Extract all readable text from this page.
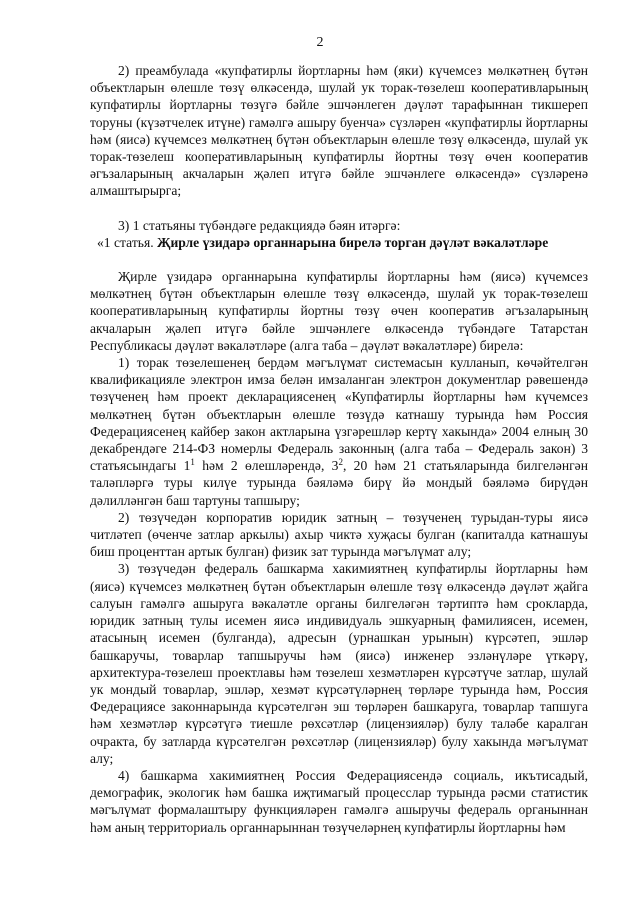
2

2) преамбулада «купфатирлы йортларны һәм (яки) күчемсез мөлкәтнең бүтән объектларын өлешле төзү өлкәсендә, шулай ук торак-төзелеш кооперативларының купфатирлы йортларны төзүгә бәйле эшчәнлеген дәүләт тарафыннан тикшереп торуны (күзәтчелек итүне) гамәлгә ашыру буенча» сүзләрен «купфатирлы йортларны һәм (яисә) күчемсез мөлкәтнең бүтән объектларын өлешле төзү өлкәсендә, шулай ук торак-төзелеш кооперативларының купфатирлы йортны төзү өчен кооператив әгъзаларының акчаларын җәлеп итүгә бәйле эшчәнлеге өлкәсендә» сүзләренә алмаштырырга;

3) 1 статьяны түбәндәге редакциядә бәян итәргә:

«1 статья. Җирле үзидарә органнарына бирелә торган дәүләт вәкаләтләре

Җирле үзидарә органнарына купфатирлы йортларны һәм (яисә) күчемсез мөлкәтнең бүтән объектларын өлешле төзү өлкәсендә, шулай ук торак-төзелеш кооперативларының купфатирлы йортны төзү өчен кооператив әгъзаларының акчаларын җәлеп итүгә бәйле эшчәнлеге өлкәсендә түбәндәге Татарстан Республикасы дәүләт вәкаләтләре (алга таба – дәүләт вәкаләтләре) бирелә:

1) торак төзелешенең бердәм мәгълүмат системасын кулланып, көчәйтелгән квалификацияле электрон имза белән имзаланган электрон документлар рәвешендә төзүченең һәм проект декларациясенең «Купфатирлы йортларны һәм күчемсез мөлкәтнең бүтән объектларын өлешле төзүдә катнашу турында һәм Россия Федерациясенең кайбер закон актларына үзгәрешләр кертү хакында» 2004 елның 30 декабрендәге 214-ФЗ номерлы Федераль законның (алга таба – Федераль закон) 3 статьясындагы $1^1$ һәм 2 өлешләрендә, $3^2$, 20 һәм 21 статьяларында билгеләнгән таләпләргә туры килүе турында бәяләмә бирү йә мондый бәяләмә бирүдән дәлилләнгән баш тартуны тапшыру;

2) төзүчедән корпоратив юридик затның – төзүченең турыдан-туры яисә читләтеп (өченче затлар аркылы) ахыр чиктә хуҗасы булган (капиталда катнашуы биш проценттан артык булган) физик зат турында мәгълүмат алу;

3) төзүчедән федераль башкарма хакимиятнең купфатирлы йортларны һәм (яисә) күчемсез мөлкәтнең бүтән объектларын өлешле төзү өлкәсендә дәүләт җайга салуын гамәлгә ашыруга вәкаләтле органы билгеләгән тәртиптә һәм срокларда, юридик затның тулы исемен яисә индивидуаль эшкуарның фамилиясен, исемен, атасының исемен (булганда), адресын (урнашкан урынын) күрсәтеп, эшләр башкаручы, товарлар тапшыручы һәм (яисә) инженер эзләнүләре үткәрү, архитектура-төзелеш проектлавы һәм төзелеш хезмәтләрен күрсәтүче затлар, шулай ук мондый товарлар, эшләр, хезмәт күрсәтүләрнең төрләре турында һәм, Россия Федерациясе законнарында күрсәтелгән эш төрләрен башкаруга, товарлар тапшуга һәм хезмәтләр күрсәтүгә тиешле рөхсәтләр (лицензияләр) булу таләбе каралган очракта, бу затларда күрсәтелгән рөхсәтләр (лицензияләр) булу хакында мәгълүмат алу;

4) башкарма хакимиятнең Россия Федерациясендә социаль, икътисадый, демографик, экологик һәм башка иҗтимагый процесслар турында рәсми статистик мәгълүмат формалаштыру функцияләрен гамәлгә ашыручы федераль органыннан һәм аның территориаль органнарыннан төзүчеләрнең купфатирлы йортларны һәм
